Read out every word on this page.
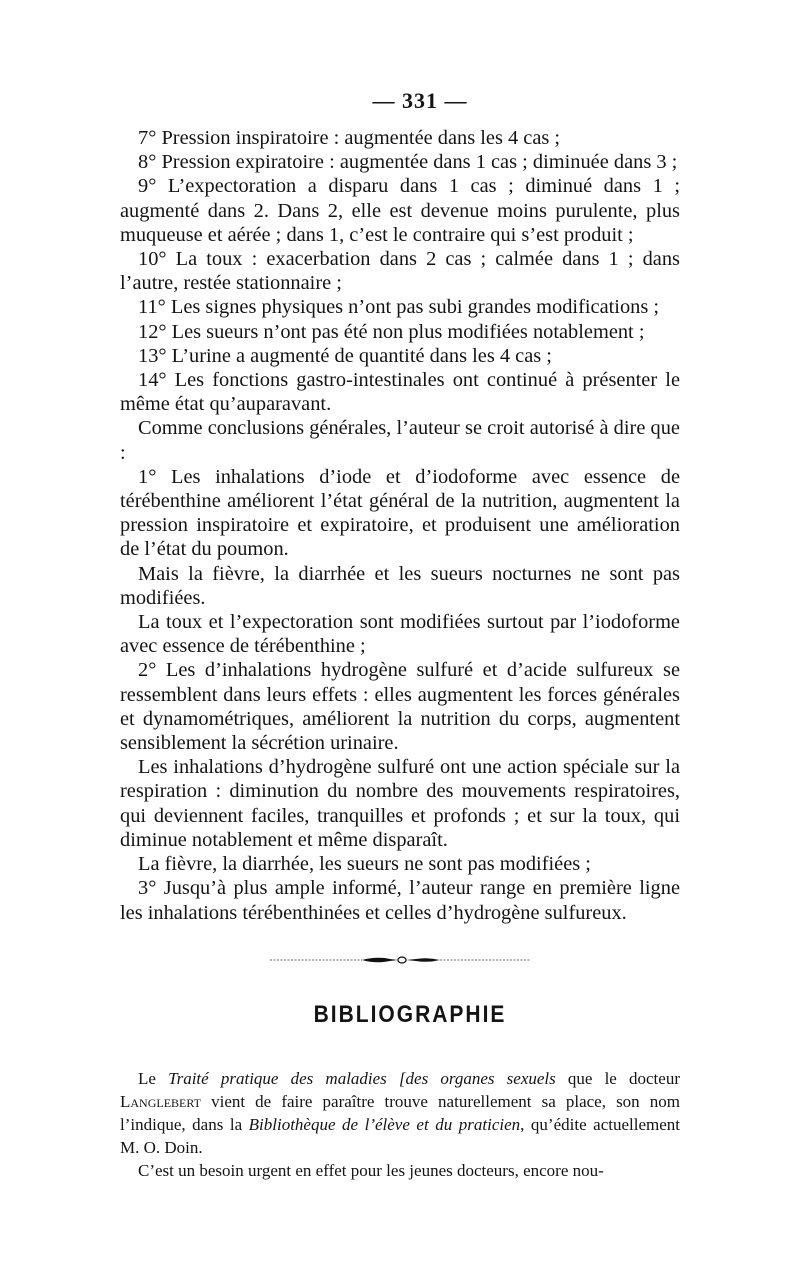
— 331 —

7° Pression inspiratoire : augmentée dans les 4 cas ;

8° Pression expiratoire : augmentée dans 1 cas ; diminuée dans 3 ;

9° L’expectoration a disparu dans 1 cas ; diminué dans 1 ; augmenté dans 2. Dans 2, elle est devenue moins purulente, plus muqueuse et aérée ; dans 1, c’est le contraire qui s’est produit ;

10° La toux : exacerbation dans 2 cas ; calmée dans 1 ; dans l’autre, restée stationnaire ;

11° Les signes physiques n’ont pas subi grandes modifications ;

12° Les sueurs n’ont pas été non plus modifiées notablement ;

13° L’urine a augmenté de quantité dans les 4 cas ;

14° Les fonctions gastro-intestinales ont continué à présenter le même état qu’auparavant.

Comme conclusions générales, l’auteur se croit autorisé à dire que :

1° Les inhalations d’iode et d’iodoforme avec essence de térébenthine améliorent l’état général de la nutrition, augmentent la pression inspiratoire et expiratoire, et produisent une amélioration de l’état du poumon.

Mais la fièvre, la diarrhée et les sueurs nocturnes ne sont pas modifiées.

La toux et l’expectoration sont modifiées surtout par l’iodoforme avec essence de térébenthine ;

2° Les d’inhalations hydrogène sulfuré et d’acide sulfureux se ressemblent dans leurs effets : elles augmentent les forces générales et dynamométriques, améliorent la nutrition du corps, augmentent sensiblement la sécrétion urinaire.

Les inhalations d’hydrogène sulfuré ont une action spéciale sur la respiration : diminution du nombre des mouvements respiratoires, qui deviennent faciles, tranquilles et profonds ; et sur la toux, qui diminue notablement et même disparaît.

La fièvre, la diarrhée, les sueurs ne sont pas modifiées ;

3° Jusqu’à plus ample informé, l’auteur range en première ligne les inhalations térébenthinées et celles d’hydrogène sulfureux.

BIBLIOGRAPHIE

Le Traité pratique des maladies [des organes sexuels que le docteur Langlebert vient de faire paraître trouve naturellement sa place, son nom l’indique, dans la Bibliothèque de l’élève et du praticien, qu’édite actuellement M. O. Doin.

C’est un besoin urgent en effet pour les jeunes docteurs, encore nou-
